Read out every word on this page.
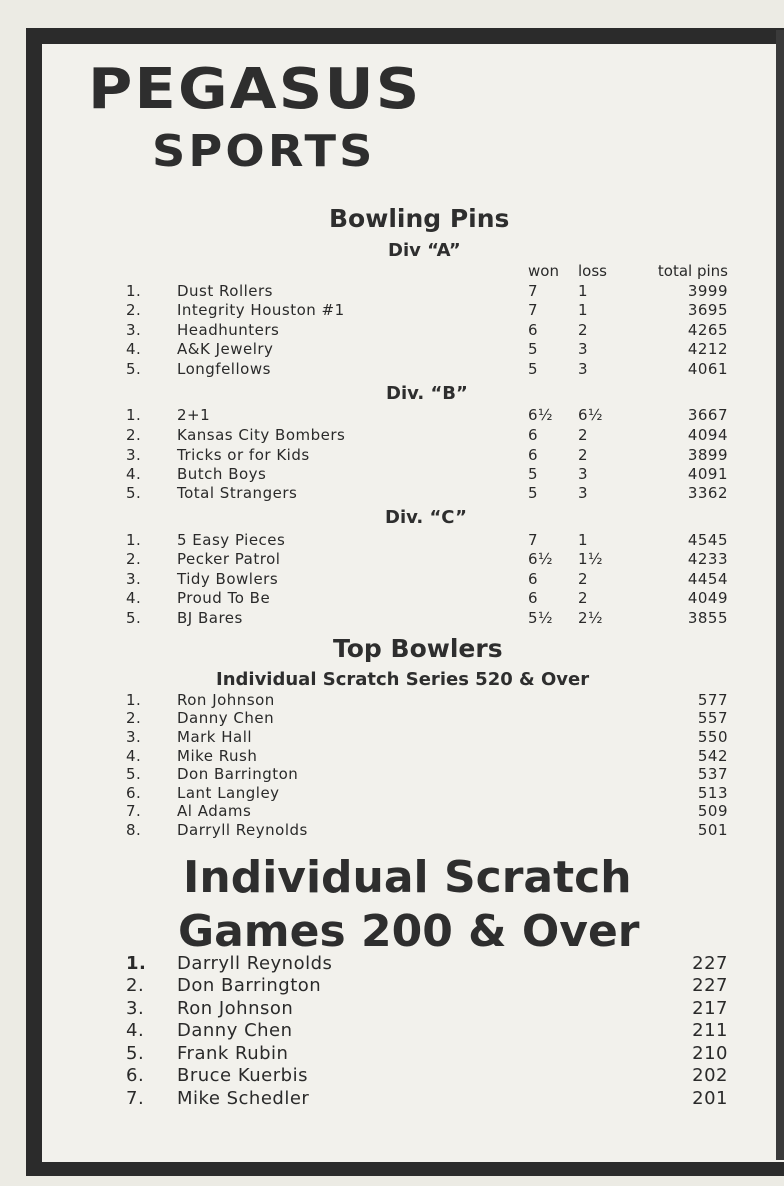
PEGASUS
SPORTS
Bowling Pins
Div “A”
won loss	total pins
1. Dust Rollers	7	1	3999
2. Integrity Houston #1	7	1	3695
3. Headhunters	6	2	4265
4. A&K Jewelry	5	3	4212
5. Longfellows	5	3	4061
Div. “B”
1. 2+1	6½ 6½	3667
2. Kansas City Bombers	6	2	4094
3. Tricks or for Kids	6	2	3899
4. Butch Boys	5	3	4091
5. Total Strangers	5	3	3362
Div. “C”
1. 5 Easy Pieces	7	1	4545
2. Pecker Patrol	6½ 1½	4233
3. Tidy Bowlers	6	2	4454
4. Proud To Be	6	2	4049
5. BJ Bares	5½ 2½	3855
Top Bowlers
Individual Scratch Series 520 & Over
1. Ron Johnson	577
2. Danny Chen	557
3. Mark Hall	550
4. Mike Rush	542
5. Don Barrington	537
6. Lant Langley	513
7. Al Adams	509
8. Darryll Reynolds	501
Individual Scratch
Games 200 & Over
1. Darryll Reynolds	227
2. Don Barrington	227
3. Ron Johnson	217
4. Danny Chen	211
5. Frank Rubin	210
6. Bruce Kuerbis	202
7. Mike Schedler	201
